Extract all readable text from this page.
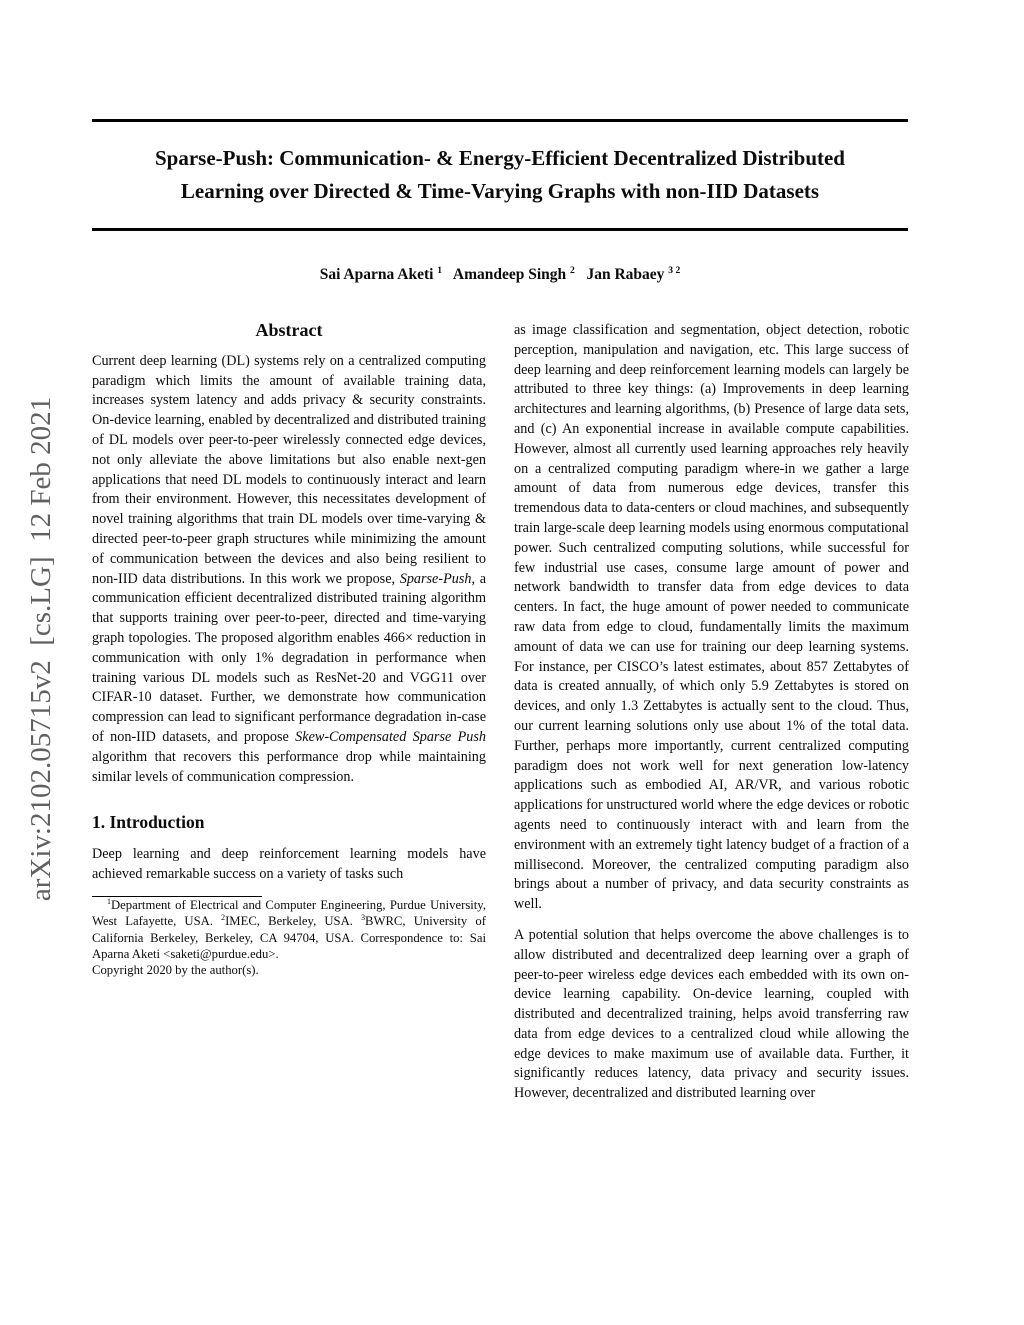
arXiv:2102.05715v2  [cs.LG]  12 Feb 2021
Sparse-Push: Communication- & Energy-Efficient Decentralized Distributed
Learning over Directed & Time-Varying Graphs with non-IID Datasets
Sai Aparna Aketi $^1$ Amandeep Singh $^2$ Jan Rabaey $^{3 2}$
Abstract

Current deep learning (DL) systems rely on a centralized computing paradigm which limits the amount of available training data, increases system latency and adds privacy & security constraints. On-device learning, enabled by decentralized and distributed training of DL models over peer-to-peer wirelessly connected edge devices, not only alleviate the above limitations but also enable next-gen applications that need DL models to continuously interact and learn from their environment. However, this necessitates development of novel training algorithms that train DL models over time-varying & directed peer-to-peer graph structures while minimizing the amount of communication between the devices and also being resilient to non-IID data distributions. In this work we propose, Sparse-Push, a communication efficient decentralized distributed training algorithm that supports training over peer-to-peer, directed and time-varying graph topologies. The proposed algorithm enables 466× reduction in communication with only 1% degradation in performance when training various DL models such as ResNet-20 and VGG11 over CIFAR-10 dataset. Further, we demonstrate how communication compression can lead to significant performance degradation in-case of non-IID datasets, and propose Skew-Compensated Sparse Push algorithm that recovers this performance drop while maintaining similar levels of communication compression.

1. Introduction

Deep learning and deep reinforcement learning models have achieved remarkable success on a variety of tasks such

$^1$Department of Electrical and Computer Engineering, Purdue University, West Lafayette, USA. $^2$IMEC, Berkeley, USA. $^3$BWRC, University of California Berkeley, Berkeley, CA 94704, USA. Correspondence to: Sai Aparna Aketi <saketi@purdue.edu>.

Copyright 2020 by the author(s).

as image classification and segmentation, object detection, robotic perception, manipulation and navigation, etc. This large success of deep learning and deep reinforcement learning models can largely be attributed to three key things: (a) Improvements in deep learning architectures and learning algorithms, (b) Presence of large data sets, and (c) An exponential increase in available compute capabilities. However, almost all currently used learning approaches rely heavily on a centralized computing paradigm where-in we gather a large amount of data from numerous edge devices, transfer this tremendous data to data-centers or cloud machines, and subsequently train large-scale deep learning models using enormous computational power. Such centralized computing solutions, while successful for few industrial use cases, consume large amount of power and network bandwidth to transfer data from edge devices to data centers. In fact, the huge amount of power needed to communicate raw data from edge to cloud, fundamentally limits the maximum amount of data we can use for training our deep learning systems. For instance, per CISCO’s latest estimates, about 857 Zettabytes of data is created annually, of which only 5.9 Zettabytes is stored on devices, and only 1.3 Zettabytes is actually sent to the cloud. Thus, our current learning solutions only use about 1% of the total data. Further, perhaps more importantly, current centralized computing paradigm does not work well for next generation low-latency applications such as embodied AI, AR/VR, and various robotic applications for unstructured world where the edge devices or robotic agents need to continuously interact with and learn from the environment with an extremely tight latency budget of a fraction of a millisecond. Moreover, the centralized computing paradigm also brings about a number of privacy, and data security constraints as well.

A potential solution that helps overcome the above challenges is to allow distributed and decentralized deep learning over a graph of peer-to-peer wireless edge devices each embedded with its own on-device learning capability. On-device learning, coupled with distributed and decentralized training, helps avoid transferring raw data from edge devices to a centralized cloud while allowing the edge devices to make maximum use of available data. Further, it significantly reduces latency, data privacy and security issues. However, decentralized and distributed learning over
